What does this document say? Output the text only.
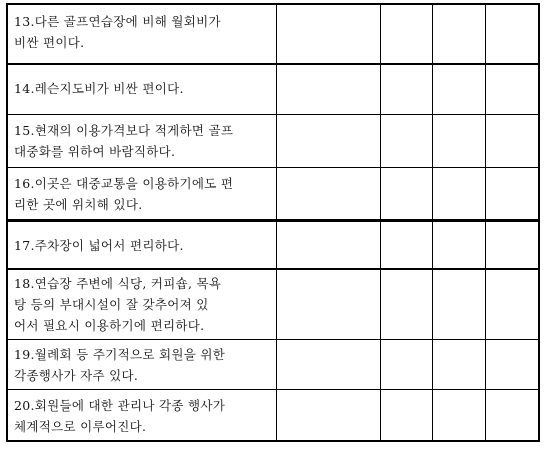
13.다른 골프연습장에 비해 월회비가
비싼 편이다.
14.레슨지도비가 비싼 편이다.
15.현재의 이용가격보다 적게하면 골프
대중화를 위하여 바람직하다.
16.이곳은 대중교통을 이용하기에도 편
리한 곳에 위치해 있다.
17.주차장이 넓어서 편리하다.
18.연습장 주변에 식당, 커피숍, 목욕
탕 등의 부대시설이 잘 갖추어져 있
어서 필요시 이용하기에 편리하다.
19.월례회 등 주기적으로 회원을 위한
각종행사가 자주 있다.
20.회원들에 대한 관리나 각종 행사가
체계적으로 이루어진다.
